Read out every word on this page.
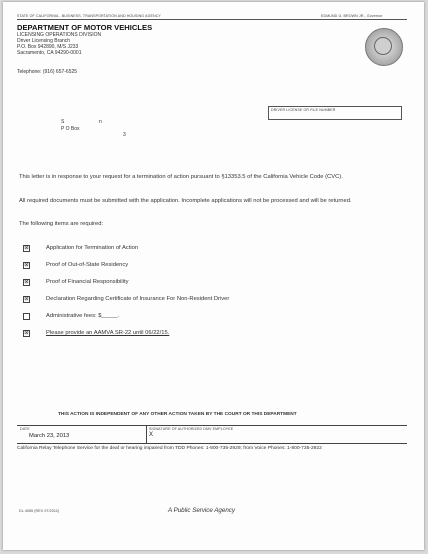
STATE OF CALIFORNIA - BUSINESS, TRANSPORTATION AND HOUSING AGENCY	EDMUND G. BROWN JR., Governor
DEPARTMENT OF MOTOR VEHICLES
LICENSING OPERATIONS DIVISION
Driver Licensing Branch
P.O. Box 942890, M/S J233
Sacramento, CA 94290-0001
Telephone: (916) 657-6525
S	n
P O Box
3
DRIVER LICENSE OR FILE NUMBER
This letter is in response to your request for a termination of action pursuant to §13353.5 of the California Vehicle Code (CVC).
All required documents must be submitted with the application. Incomplete applications will not be processed and will be returned.
The following items are required:
⊠	Application for Termination of Action
⊠	Proof of Out-of-State Residency
⊠	Proof of Financial Responsibility
⊠	Declaration Regarding Certificate of Insurance For Non-Resident Driver
Administrative fees: $_____.
⊠	Please provide an AAMVA SR-22 until 06/22/15.
THIS ACTION IS INDEPENDENT OF ANY OTHER ACTION TAKEN BY THE COURT OR THIS DEPARTMENT
DATE
March 23, 2013
SIGNATURE OF AUTHORIZED DMV EMPLOYEE
X
California Relay Telephone Service for the deaf or hearing impaired from TDD Phones: 1-800-735-2929; from Voice Phones: 1-800-735-2922
DL 4055 (REV 07/2012)	A Public Service Agency
